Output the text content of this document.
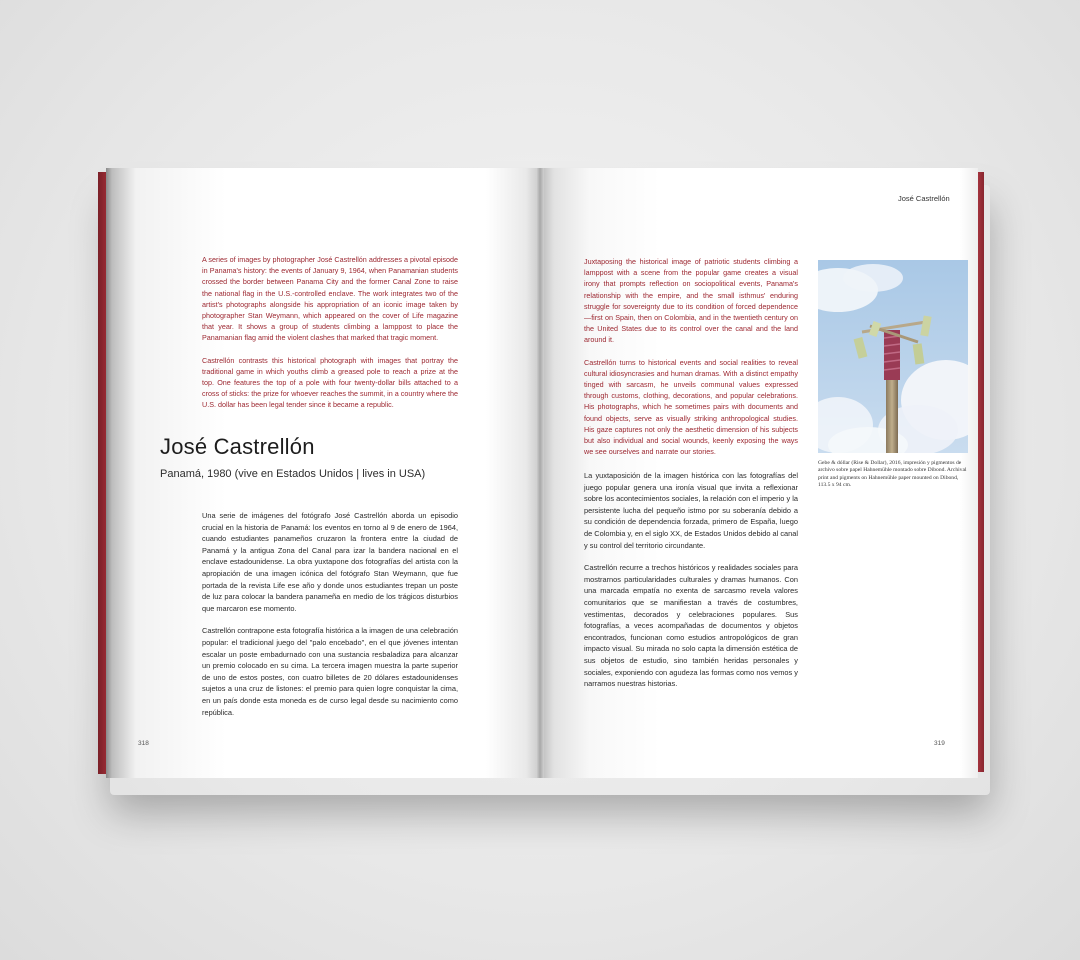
A series of images by photographer José Castrellón addresses a pivotal episode in Panama's history: the events of January 9, 1964, when Panamanian students crossed the border between Panama City and the former Canal Zone to raise the national flag in the U.S.-controlled enclave. The work integrates two of the artist's photographs alongside his appropriation of an iconic image taken by photographer Stan Weymann, which appeared on the cover of Life magazine that year. It shows a group of students climbing a lamppost to place the Panamanian flag amid the violent clashes that marked that tragic moment.

Castrellón contrasts this historical photograph with images that portray the traditional game in which youths climb a greased pole to reach a prize at the top. One features the top of a pole with four twenty-dollar bills attached to a cross of sticks: the prize for whoever reaches the summit, in a country where the U.S. dollar has been legal tender since it became a republic.

José Castrellón

Panamá, 1980 (vive en Estados Unidos | lives in USA)

Una serie de imágenes del fotógrafo José Castrellón aborda un episodio crucial en la historia de Panamá: los eventos en torno al 9 de enero de 1964, cuando estudiantes panameños cruzaron la frontera entre la ciudad de Panamá y la antigua Zona del Canal para izar la bandera nacional en el enclave estadounidense. La obra yuxtapone dos fotografías del artista con la apropiación de una imagen icónica del fotógrafo Stan Weymann, que fue portada de la revista Life ese año y donde unos estudiantes trepan un poste de luz para colocar la bandera panameña en medio de los trágicos disturbios que marcaron ese momento.

Castrellón contrapone esta fotografía histórica a la imagen de una celebración popular: el tradicional juego del "palo encebado", en el que jóvenes intentan escalar un poste embadurnado con una sustancia resbaladiza para alcanzar un premio colocado en su cima. La tercera imagen muestra la parte superior de uno de estos postes, con cuatro billetes de 20 dólares estadounidenses sujetos a una cruz de listones: el premio para quien logre conquistar la cima, en un país donde esta moneda es de curso legal desde su nacimiento como república.

318
José Castrellón

Juxtaposing the historical image of patriotic students climbing a lamppost with a scene from the popular game creates a visual irony that prompts reflection on sociopolitical events, Panama's relationship with the empire, and the small isthmus' enduring struggle for sovereignty due to its condition of forced dependence—first on Spain, then on Colombia, and in the twentieth century on the United States due to its control over the canal and the land around it.

Castrellón turns to historical events and social realities to reveal cultural idiosyncrasies and human dramas. With a distinct empathy tinged with sarcasm, he unveils communal values expressed through customs, clothing, decorations, and popular celebrations. His photographs, which he sometimes pairs with documents and found objects, serve as visually striking anthropological studies. His gaze captures not only the aesthetic dimension of his subjects but also individual and social wounds, keenly exposing the ways we see ourselves and narrate our stories.

La yuxtaposición de la imagen histórica con las fotografías del juego popular genera una ironía visual que invita a reflexionar sobre los acontecimientos sociales, la relación con el imperio y la persistente lucha del pequeño istmo por su soberanía debido a su condición de dependencia forzada, primero de España, luego de Colombia y, en el siglo XX, de Estados Unidos debido al canal y su control del territorio circundante.

Castrellón recurre a trechos históricos y realidades sociales para mostrarnos particularidades culturales y dramas humanos. Con una marcada empatía no exenta de sarcasmo revela valores comunitarios que se manifiestan a través de costumbres, vestimentas, decorados y celebraciones populares. Sus fotografías, a veces acompañadas de documentos y objetos encontrados, funcionan como estudios antropológicos de gran impacto visual. Su mirada no solo capta la dimensión estética de sus objetos de estudio, sino también heridas personales y sociales, exponiendo con agudeza las formas como nos vemos y narramos nuestras historias.

Gebe & dóllar (Rise & Dollar), 2016, impresión y pigmentos de archivo sobre papel Hahnemühle montado sobre Dibond. Archival print and pigments on Hahnemühle paper mounted on Dibond, 113.5 x 94 cm.

319
